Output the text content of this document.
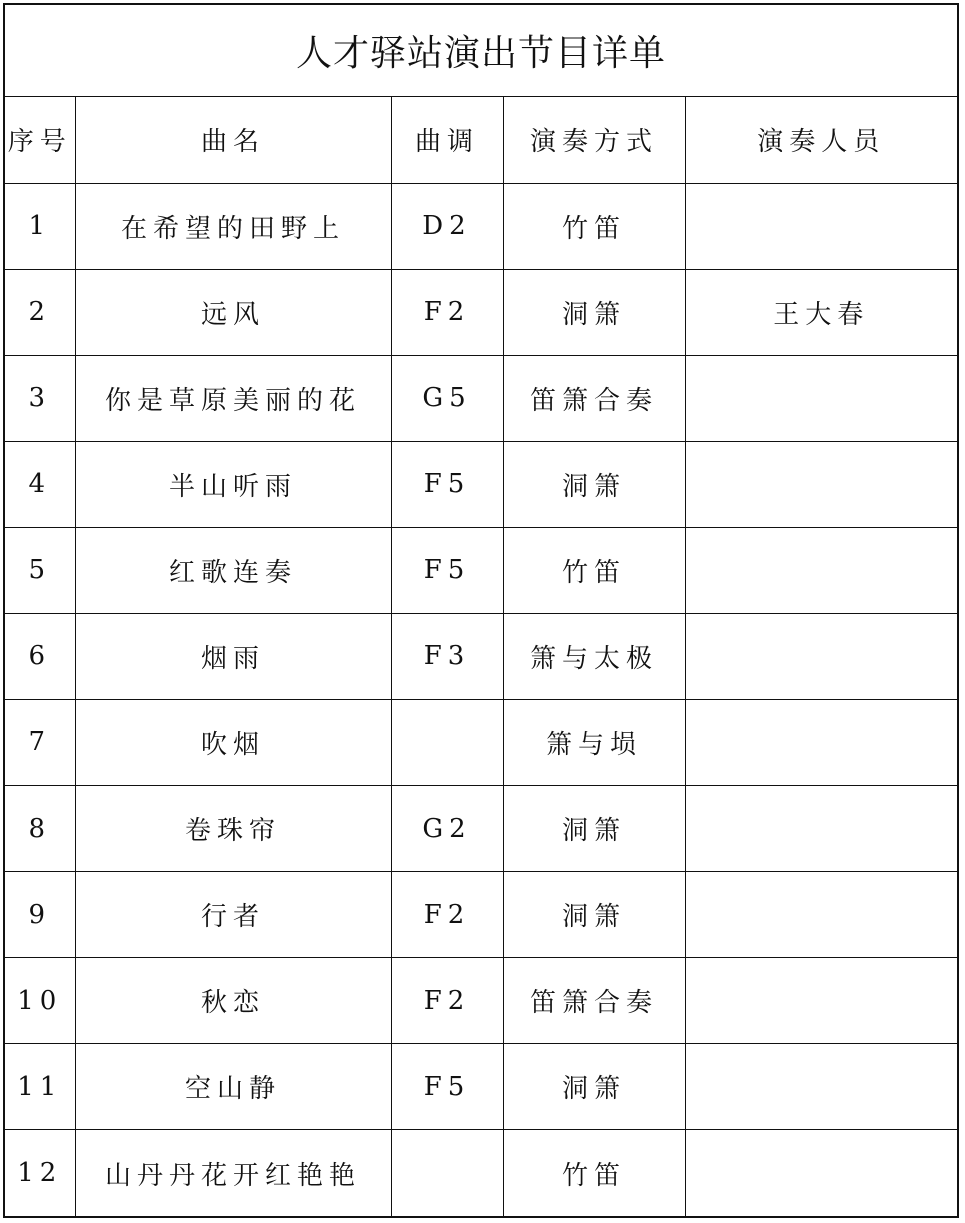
人才驿站演出节目详单
序号	曲名	曲调	演奏方式	演奏人员
1	在希望的田野上	D2	竹笛	
2	远风	F2	洞箫	王大春
3	你是草原美丽的花	G5	笛箫合奏	
4	半山听雨	F5	洞箫	
5	红歌连奏	F5	竹笛	
6	烟雨	F3	箫与太极	
7	吹烟		箫与埙	
8	卷珠帘	G2	洞箫	
9	行者	F2	洞箫	
10	秋恋	F2	笛箫合奏	
11	空山静	F5	洞箫	
12	山丹丹花开红艳艳		竹笛	
